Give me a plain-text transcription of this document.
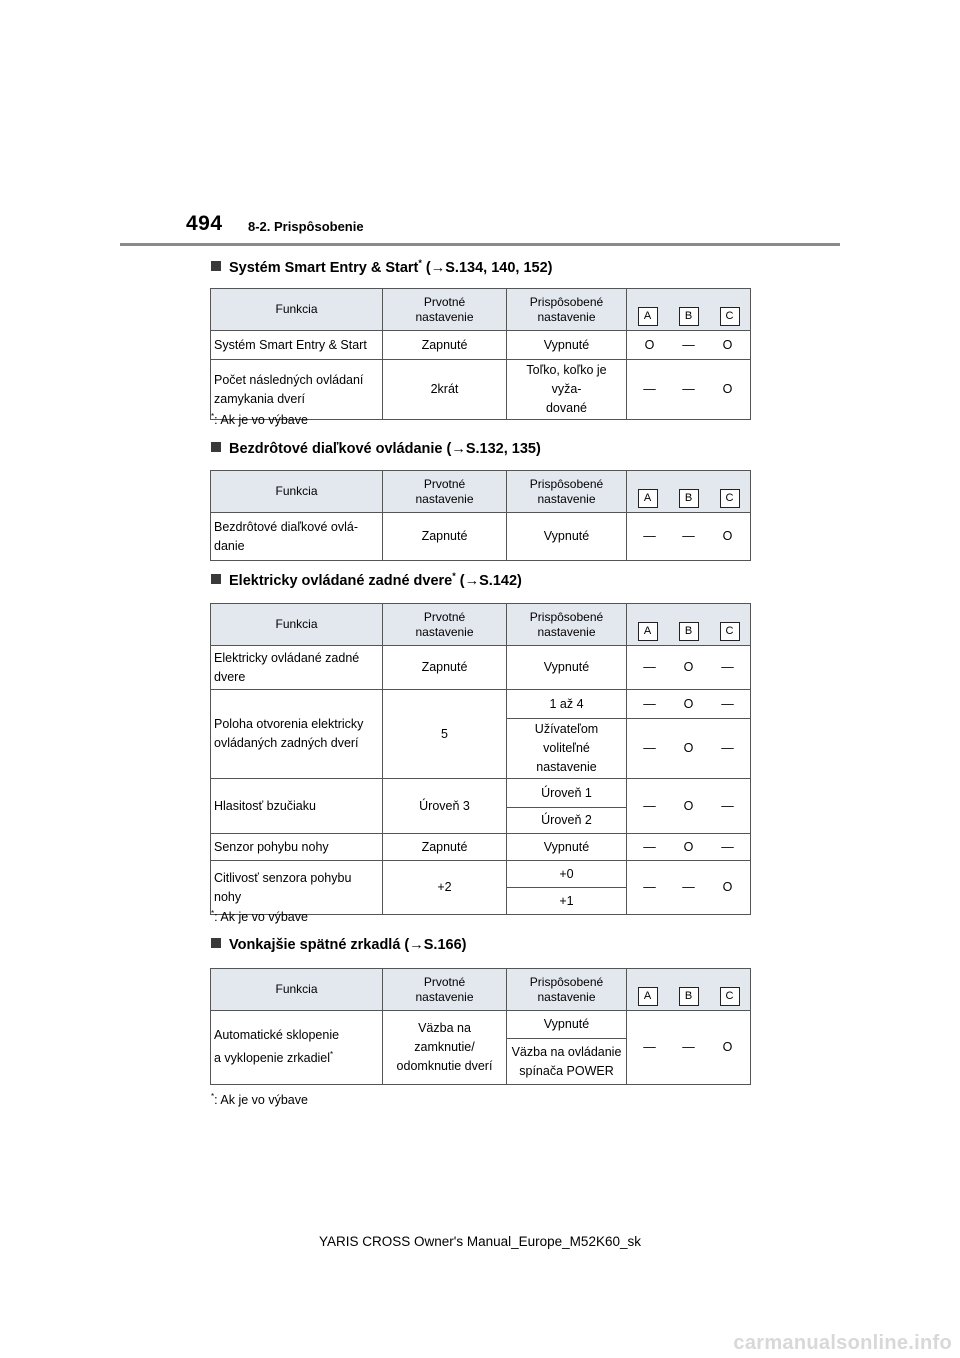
494 8-2. Prispôsobenie
Systém Smart Entry & Start* (→S.134, 140, 152)
Funkcia	Prvotné
nastavenie	Prispôsobené
nastavenie	A B C

Systém Smart Entry & Start	Zapnuté	Vypnuté	O — O

Počet následných ovládaní
zamykania dverí	2krát	Toľko, koľko je vyža-
dované	— — O
*: Ak je vo výbave
Bezdrôtové diaľkové ovládanie (→S.132, 135)
Funkcia	Prvotné
nastavenie	Prispôsobené
nastavenie	A B C

Bezdrôtové diaľkové ovlá-
danie	Zapnuté	Vypnuté	— — O
Elektricky ovládané zadné dvere* (→S.142)
Funkcia	Prvotné
nastavenie	Prispôsobené
nastavenie	A B C

Elektricky ovládané zadné
dvere	Zapnuté	Vypnuté	— O —

Poloha otvorenia elektricky
ovládaných zadných dverí	5	1 až 4	— O —

		Užívateľom voliteľné
nastavenie	— O —

Hlasitosť bzučiaku	Úroveň 3	Úroveň 1	— O —

		Úroveň 2	
Senzor pohybu nohy	Zapnuté	Vypnuté	— O —

Citlivosť senzora pohybu
nohy	+2	+0	— — O

		+1	
*: Ak je vo výbave
Vonkajšie spätné zrkadlá (→S.166)
Funkcia	Prvotné
nastavenie	Prispôsobené
nastavenie	A B C

Automatické sklopenie
a vyklopenie zrkadiel*	Väzba na
zamknutie/
odomknutie dverí	Vypnuté	— — O

		Väzba na ovládanie
spínača POWER	
*: Ak je vo výbave
YARIS CROSS Owner's Manual_Europe_M52K60_sk
carmanualsonline.info
